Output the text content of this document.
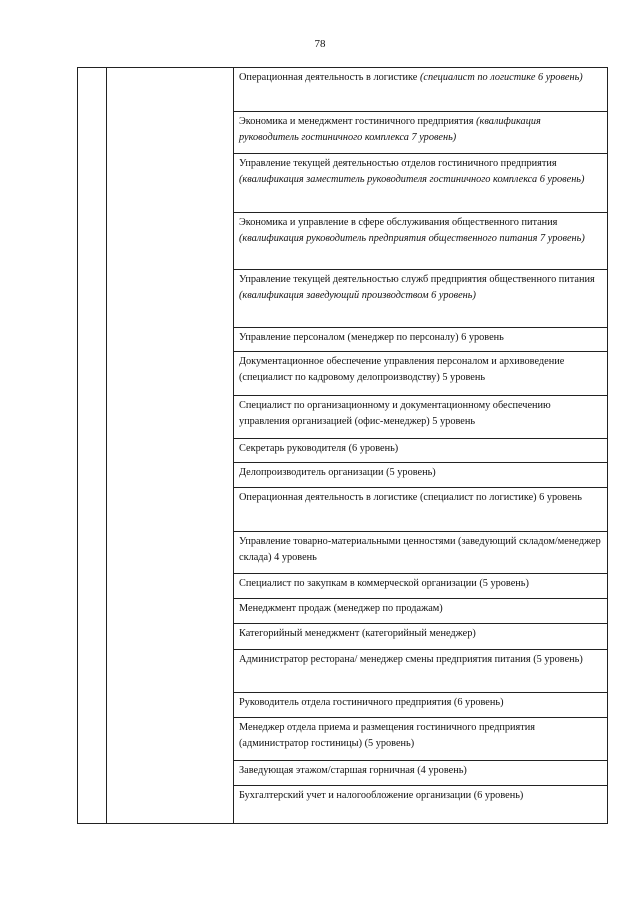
78
Операционная деятельность в логистике (специалист по логистике 6 уровень)
Экономика и менеджмент гостиничного предприятия (квалификация руководитель гостиничного комплекса 7 уровень)
Управление текущей деятельностью отделов гостиничного предприятия (квалификация заместитель руководителя гостиничного комплекса 6 уровень)
Экономика и управление в сфере обслуживания общественного питания (квалификация руководитель предприятия общественного питания 7 уровень)
Управление текущей деятельностью служб предприятия общественного питания (квалификация заведующий производством 6 уровень)
Управление персоналом (менеджер по персоналу) 6 уровень
Документационное обеспечение управления персоналом и архивоведение (специалист по кадровому делопроизводству) 5 уровень
Специалист по организационному и документационному обеспечению управления организацией (офис-менеджер) 5 уровень
Секретарь руководителя (6 уровень)
Делопроизводитель организации (5 уровень)
Операционная деятельность в логистике (специалист по логистике) 6 уровень
Управление товарно-материальными ценностями (заведующий складом/менеджер склада) 4 уровень
Специалист по закупкам в коммерческой организации (5 уровень)
Менеджмент продаж (менеджер по продажам)
Категорийный менеджмент (категорийный менеджер)
Администратор ресторана/ менеджер смены предприятия питания (5 уровень)
Руководитель отдела гостиничного предприятия (6 уровень)
Менеджер отдела приема и размещения гостиничного предприятия (администратор гостиницы) (5 уровень)
Заведующая этажом/старшая горничная (4 уровень)
Бухгалтерский учет и налогообложение организации (6 уровень)
